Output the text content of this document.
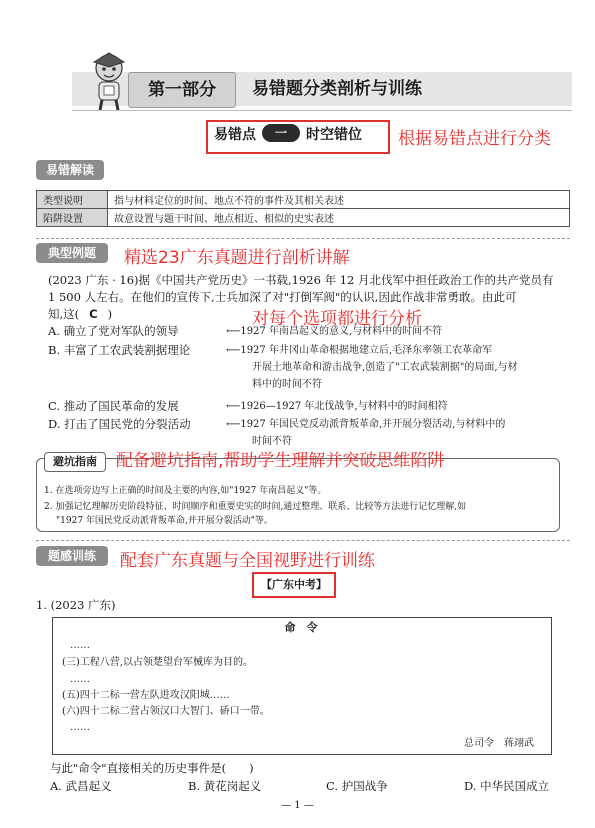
第一部分	易错题分类剖析与训练
易错点 一 时空错位 根据易错点进行分类
易错解读
类型说明	指与材料定位的时间、地点不符的事件及其相关表述
陷阱设置	故意设置与题干时间、地点相近、相似的史实表述
典型例题	精选23广东真题进行剖析讲解
(2023 广东 · 16)据《中国共产党历史》一书载,1926 年 12 月北伐军中担任政治工作的共产党员有
1 500 人左右。在他们的宣传下,士兵加深了对"打倒军阀"的认识,因此作战非常勇敢。由此可
知,这( C )	对每个选项都进行分析
A. 确立了党对军队的领导	⟵1927 年南昌起义的意义,与材料中的时间不符
B. 丰富了工农武装割据理论	⟵1927 年井冈山革命根据地建立后,毛泽东率领工农革命军
开展土地革命和游击战争,创造了"工农武装割据"的局面,与材
料中的时间不符
C. 推动了国民革命的发展	⟵1926—1927 年北伐战争,与材料中的时间相符
D. 打击了国民党的分裂活动	⟵1927 年国民党反动派背叛革命,并开展分裂活动,与材料中的
时间不符
避坑指南	配备避坑指南,帮助学生理解并突破思维陷阱
1. 在选项旁边写上正确的时间及主要的内容,如"1927 年南昌起义"等。
2. 加强记忆理解历史阶段特征、时间顺序和重要史实的时间,通过整理、联系、比较等方法进行记忆理解,如
"1927 年国民党反动派背叛革命,并开展分裂活动"等。
题感训练	配套广东真题与全国视野进行训练
【广东中考】
1. (2023 广东)
命　令
……
(三)工程八营,以占领楚望台军械库为目的。
……
(五)四十二标一营左队进攻汉阳城……
(六)四十二标二营占领汉口大智门、硚口一带。
……
总司令　蒋翊武
与此"命令"直接相关的历史事件是(　　)
A. 武昌起义	B. 黄花岗起义	C. 护国战争	D. 中华民国成立
— 1 —
